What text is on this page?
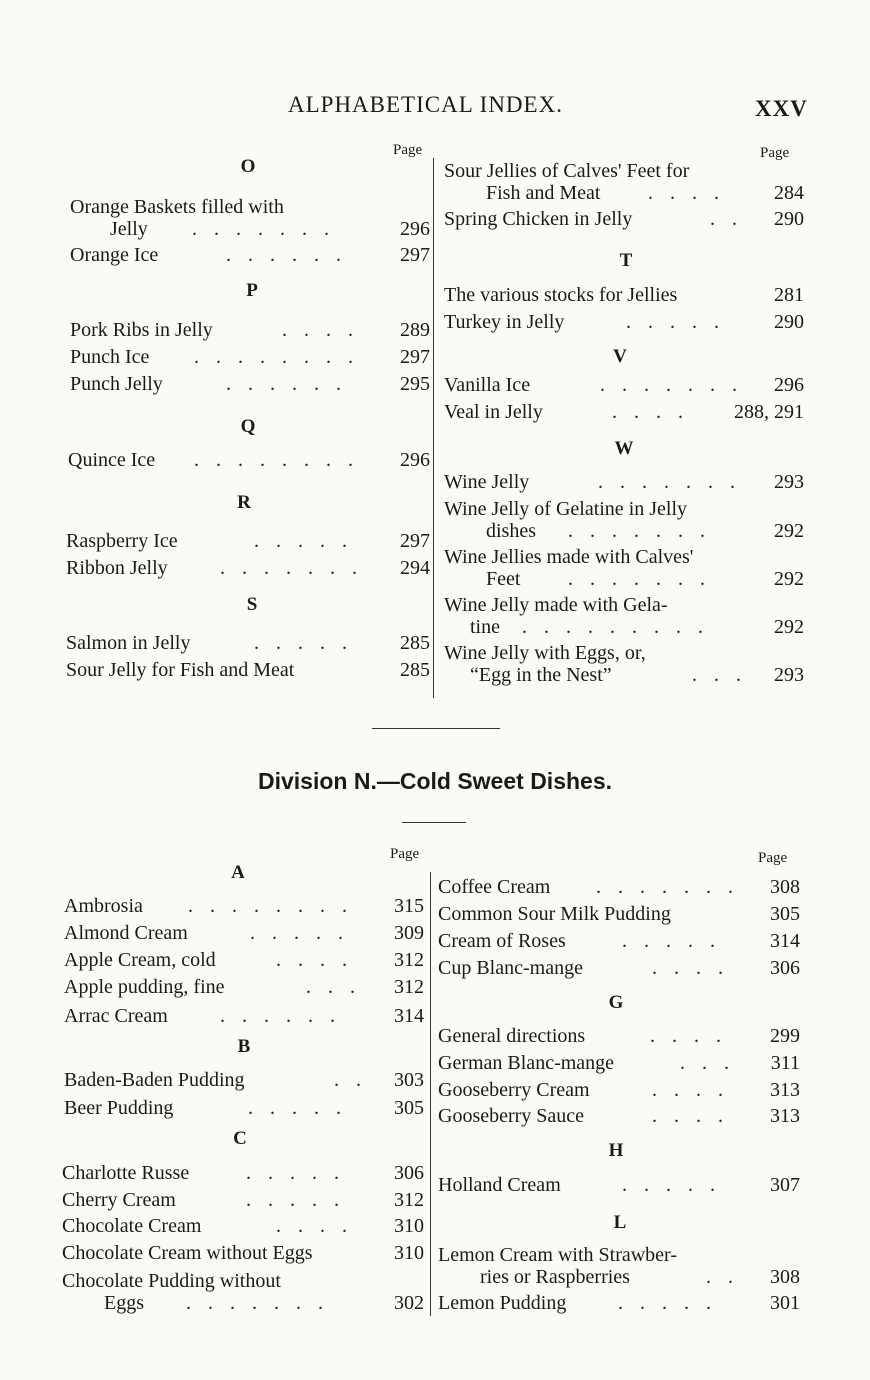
ALPHABETICAL INDEX.	XXV
Page	Page
O
Orange Baskets filled with
Jelly . . . . . . .	296
Orange Ice	. . . . . .	297
P
Pork Ribs in Jelly	. . . . 289
Punch Ice . . . . . . . . 297
Punch Jelly	. . . . . .	295
Q
Quince Ice . . . . . . . . 296
R
Raspberry Ice	. . . . . 297
Ribbon Jelly	. . . . . . . 294
S
Salmon in Jelly	. . . . . 285
Sour Jelly for Fish and Meat	285
Sour Jellies of Calves' Feet for
Fish and Meat . . . . 284
Spring Chicken in Jelly	. . 290
T
The various stocks for Jellies	281
Turkey in Jelly	. . . . . 290
V
Vanilla Ice	. . . . . . . 296
Veal in Jelly	. . . . 288, 291
W
Wine Jelly	. . . . . . . 293
Wine Jelly of Gelatine in Jelly
dishes . . . . . . .	292
Wine Jellies made with Calves'
Feet . . . . . . .	292
Wine Jelly made with Gela-
tine . . . . . . . . .	292
Wine Jelly with Eggs, or,
“Egg in the Nest”	. . . 293
Division N.—Cold Sweet Dishes.
Page	Page
A
Ambrosia . . . . . . . . 315
Almond Cream	. . . . . 309
Apple Cream, cold	. . . . 312
Apple pudding, fine	. . . 312
Arrac Cream	. . . . . .	314
B
Baden-Baden Pudding	. . 303
Beer Pudding	. . . . . 305
C
Charlotte Russe	. . . . . 306
Cherry Cream	. . . . . 312
Chocolate Cream	. . . . 310
Chocolate Cream without Eggs	310
Chocolate Pudding without
Eggs . . . . . . .	302
Coffee Cream . . . . . . . 308
Common Sour Milk Pudding	305
Cream of Roses	. . . . . 314
Cup Blanc-mange	. . . . 306
G
General directions	. . . . 299
German Blanc-mange	. . . 311
Gooseberry Cream	. . . . 313
Gooseberry Sauce	. . . . 313
H
Holland Cream	. . . . . 307
L
Lemon Cream with Strawber-
ries or Raspberries	. . 308
Lemon Pudding	. . . . .	301
